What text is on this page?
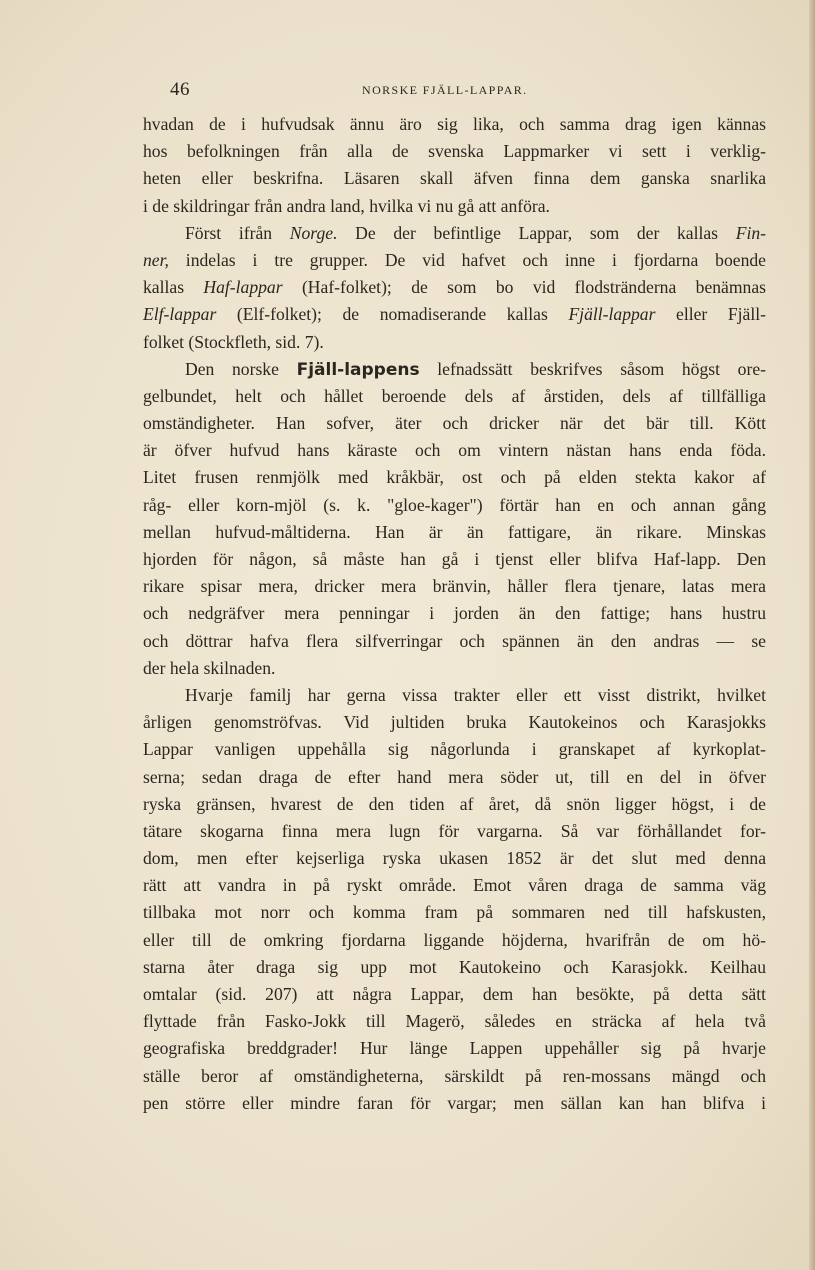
46	NORSKE FJÄLL-LAPPAR.
hvadan de i hufvudsak ännu äro sig lika, och samma drag igen kännas
hos befolkningen från alla de svenska Lappmarker vi sett i verklig-
heten eller beskrifna. Läsaren skall äfven finna dem ganska snarlika
i de skildringar från andra land, hvilka vi nu gå att anföra.
Först ifrån Norge. De der befintlige Lappar, som der kallas Fin-
ner, indelas i tre grupper. De vid hafvet och inne i fjordarna boende
kallas Haf-lappar (Haf-folket); de som bo vid flodstränderna benämnas
Elf-lappar (Elf-folket); de nomadiserande kallas Fjäll-lappar eller Fjäll-
folket (Stockfleth, sid. 7).
Den norske Fjäll-lappens lefnadssätt beskrifves såsom högst ore-
gelbundet, helt och hållet beroende dels af årstiden, dels af tillfälliga
omständigheter. Han sofver, äter och dricker när det bär till. Kött
är öfver hufvud hans käraste och om vintern nästan hans enda föda.
Litet frusen renmjölk med kråkbär, ost och på elden stekta kakor af
råg- eller korn-mjöl (s. k. "gloe-kager") förtär han en och annan gång
mellan hufvud-måltiderna. Han är än fattigare, än rikare. Minskas
hjorden för någon, så måste han gå i tjenst eller blifva Haf-lapp. Den
rikare spisar mera, dricker mera bränvin, håller flera tjenare, latas mera
och nedgräfver mera penningar i jorden än den fattige; hans hustru
och döttrar hafva flera silfverringar och spännen än den andras — se
der hela skilnaden.
Hvarje familj har gerna vissa trakter eller ett visst distrikt, hvilket
årligen genomströfvas. Vid jultiden bruka Kautokeinos och Karasjokks
Lappar vanligen uppehålla sig någorlunda i granskapet af kyrkoplat-
serna; sedan draga de efter hand mera söder ut, till en del in öfver
ryska gränsen, hvarest de den tiden af året, då snön ligger högst, i de
tätare skogarna finna mera lugn för vargarna. Så var förhållandet for-
dom, men efter kejserliga ryska ukasen 1852 är det slut med denna
rätt att vandra in på ryskt område. Emot våren draga de samma väg
tillbaka mot norr och komma fram på sommaren ned till hafskusten,
eller till de omkring fjordarna liggande höjderna, hvarifrån de om hö-
starna åter draga sig upp mot Kautokeino och Karasjokk. Keilhau
omtalar (sid. 207) att några Lappar, dem han besökte, på detta sätt
flyttade från Fasko-Jokk till Magerö, således en sträcka af hela två
geografiska breddgrader! Hur länge Lappen uppehåller sig på hvarje
ställe beror af omständigheterna, särskildt på ren-mossans mängd och
pen större eller mindre faran för vargar; men sällan kan han blifva i
